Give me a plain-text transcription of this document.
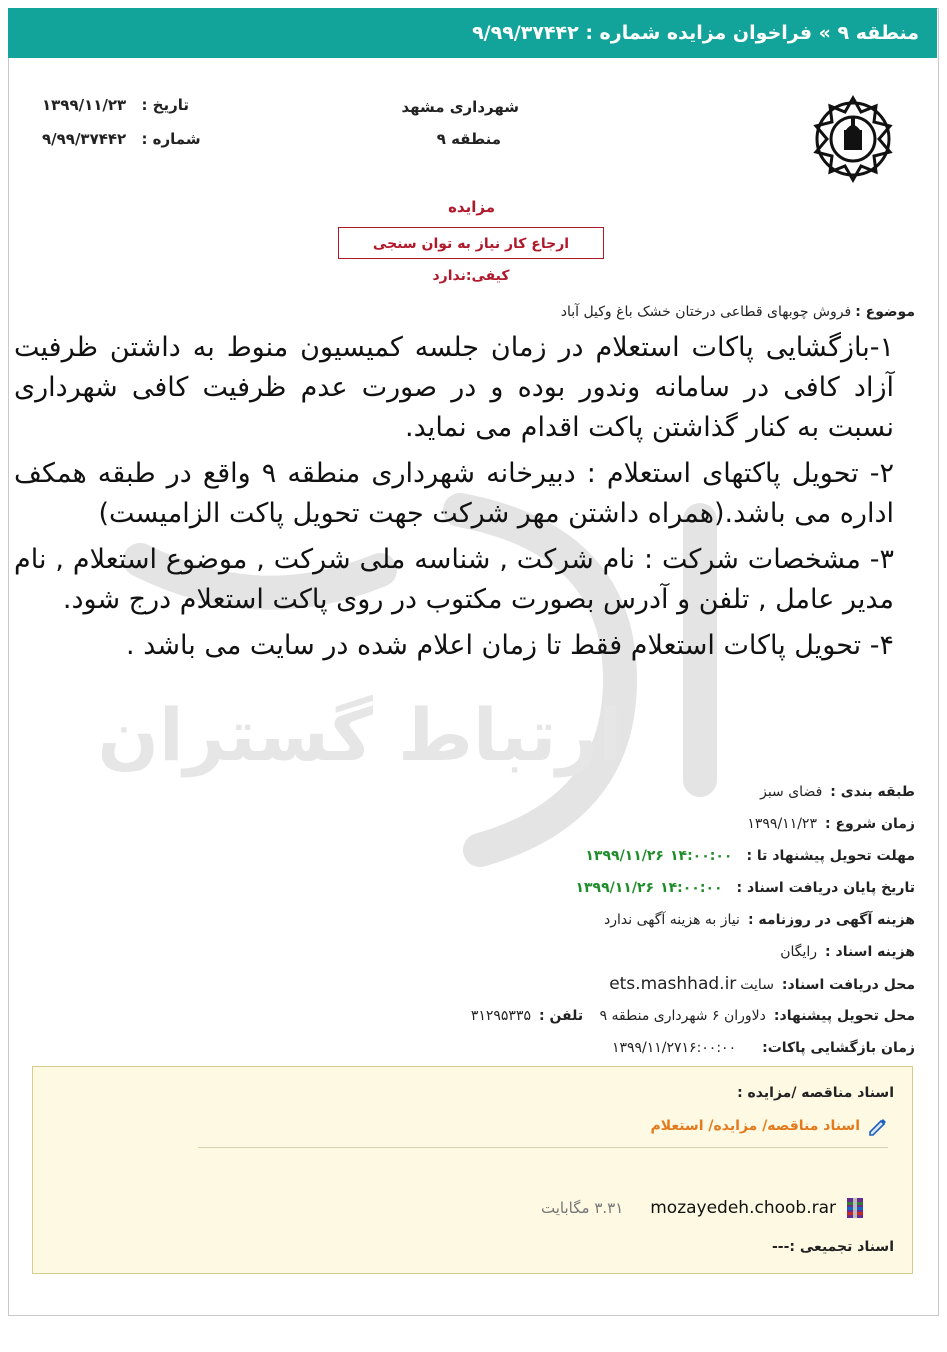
منطقه ۹ » فراخوان مزایده شماره : ۹/۹۹/۳۷۴۴۲
شهرداری مشهد
منطقه ۹
تاریخ : ۱۳۹۹/۱۱/۲۳
شماره : ۹/۹۹/۳۷۴۴۲
مزایده
ارجاع کار نیاز به توان سنجی کیفی:ندارد
موضوع :فروش چوبهای قطاعی درختان خشک باغ وکیل آباد
ارتباط گستران

۱-بازگشایی پاکات استعلام در زمان جلسه کمیسیون منوط به داشتن ظرفیت آزاد کافی در سامانه وندور بوده و در صورت عدم ظرفیت کافی شهرداری نسبت به کنار گذاشتن پاکت اقدام می نماید.

۲- تحویل پاکتهای استعلام : دبیرخانه شهرداری منطقه ۹ واقع در طبقه همکف اداره می باشد.(همراه داشتن مهر شرکت جهت تحویل پاکت الزامیست)

۳- مشخصات شرکت : نام شرکت , شناسه ملی شرکت , موضوع استعلام , نام مدیر عامل , تلفن و آدرس بصورت مکتوب در روی پاکت استعلام درج شود.

۴- تحویل پاکات استعلام فقط تا زمان اعلام شده در سایت می باشد .

طبقه بندی :فضای سبز
زمان شروع :۱۳۹۹/۱۱/۲۳
مهلت تحویل پیشنهاد تا :۱۳۹۹/۱۱/۲۶ ۱۴:۰۰:۰۰
تاریخ پایان دریافت اسناد :۱۳۹۹/۱۱/۲۶ ۱۴:۰۰:۰۰
هزینه آگهی در روزنامه :نیاز به هزینه آگهی ندارد
هزینه اسناد :رایگان
محل دریافت اسناد:سایتets.mashhad.ir
محل تحویل پیشنهاد:دلاوران ۶ شهرداری منطقه ۹ تلفن :۳۱۲۹۵۳۳۵
زمان بازگشایی پاکات:۱۳۹۹/۱۱/۲۷۱۶:۰۰:۰۰
اسناد مناقصه /مزایده :
اسناد مناقصه/ مزایده/ استعلام
mozayedeh.choob.rar
۳.۳۱ مگابایت
اسناد تجمیعی :---
